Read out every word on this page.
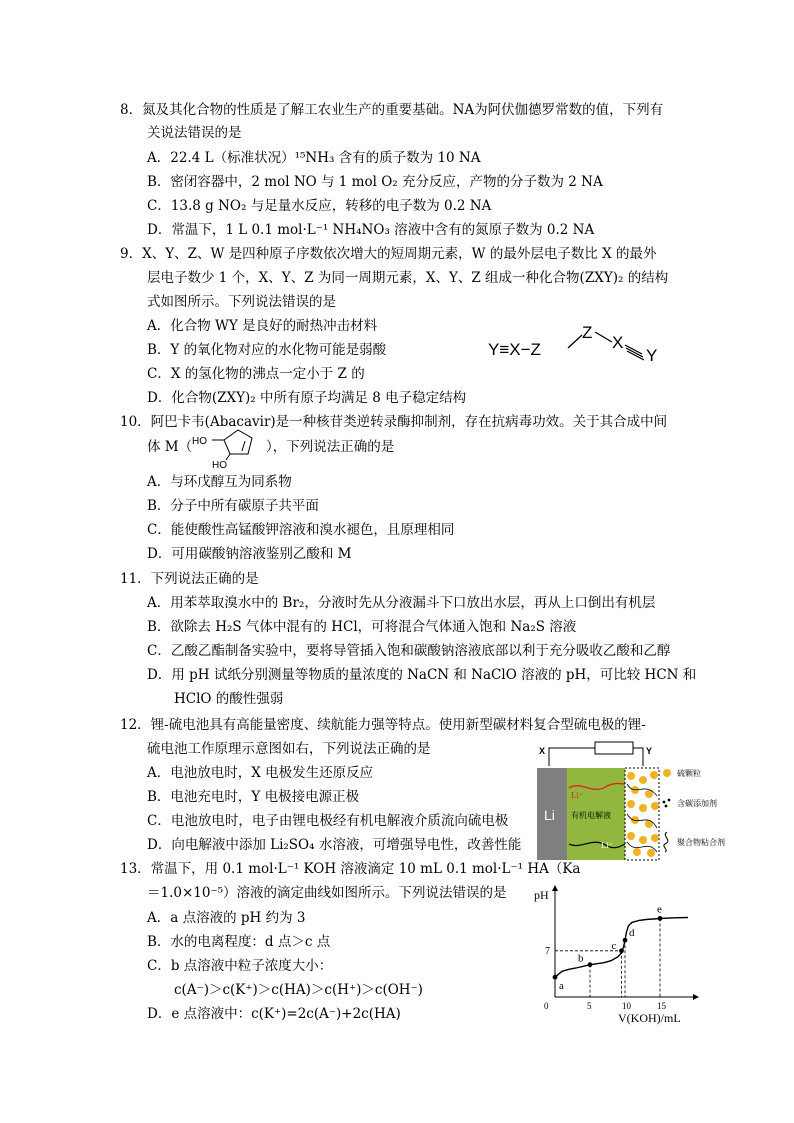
8．氮及其化合物的性质是了解工农业生产的重要基础。NA为阿伏伽德罗常数的值，下列有
关说法错误的是
A．22.4 L（标准状况）¹⁵NH₃ 含有的质子数为 10 NA
B．密闭容器中，2 mol NO 与 1 mol O₂ 充分反应，产物的分子数为 2 NA
C．13.8 g NO₂ 与足量水反应，转移的电子数为 0.2 NA
D．常温下，1 L 0.1 mol·L⁻¹ NH₄NO₃ 溶液中含有的氮原子数为 0.2 NA
9．X、Y、Z、W 是四种原子序数依次增大的短周期元素，W 的最外层电子数比 X 的最外
层电子数少 1 个，X、Y、Z 为同一周期元素，X、Y、Z 组成一种化合物(ZXY)₂ 的结构
式如图所示。下列说法错误的是
A．化合物 WY 是良好的耐热冲击材料
B．Y 的氧化物对应的水化物可能是弱酸
C．X 的氢化物的沸点一定小于 Z 的
D．化合物(ZXY)₂ 中所有原子均满足 8 电子稳定结构
Y≡X−Z
Z
X
Y
10．阿巴卡韦(Abacavir)是一种核苷类逆转录酶抑制剂，存在抗病毒功效。关于其合成中间
体 M（ HO
HO
），下列说法正确的是
A．与环戊醇互为同系物
B．分子中所有碳原子共平面
C．能使酸性高锰酸钾溶液和溴水褪色，且原理相同
D．可用碳酸钠溶液鉴别乙酸和 M
11．下列说法正确的是
A．用苯萃取溴水中的 Br₂，分液时先从分液漏斗下口放出水层，再从上口倒出有机层
B．欲除去 H₂S 气体中混有的 HCl，可将混合气体通入饱和 Na₂S 溶液
C．乙酸乙酯制备实验中，要将导管插入饱和碳酸钠溶液底部以利于充分吸收乙酸和乙醇
D．用 pH 试纸分别测量等物质的量浓度的 NaCN 和 NaClO 溶液的 pH，可比较 HCN 和
HClO 的酸性强弱
12．锂-硫电池具有高能量密度、续航能力强等特点。使用新型碳材料复合型硫电极的锂-
硫电池工作原理示意图如右，下列说法正确的是
A．电池放电时，X 电极发生还原反应
B．电池充电时，Y 电极接电源正极
C．电池放电时，电子由锂电极经有机电解液介质流向硫电极
D．向电解液中添加 Li₂SO₄ 水溶液，可增强导电性，改善性能
X	Y
Li 有机电解液
Li⁺
Li⁺
硫颗粒
含碳添加剂
聚合物粘合剂
13．常温下，用 0.1 mol·L⁻¹ KOH 溶液滴定 10 mL 0.1 mol·L⁻¹ HA（Ka
＝1.0×10⁻⁵）溶液的滴定曲线如图所示。下列说法错误的是
A．a 点溶液的 pH 约为 3
B．水的电离程度：d 点＞c 点
C．b 点溶液中粒子浓度大小：
c(A⁻)＞c(K⁺)＞c(HA)＞c(H⁺)＞c(OH⁻)
D．e 点溶液中：c(K⁺)=2c(A⁻)+2c(HA)
pH
V(KOH)/mL
0	5	10	15
7
a
b
c
d
e
